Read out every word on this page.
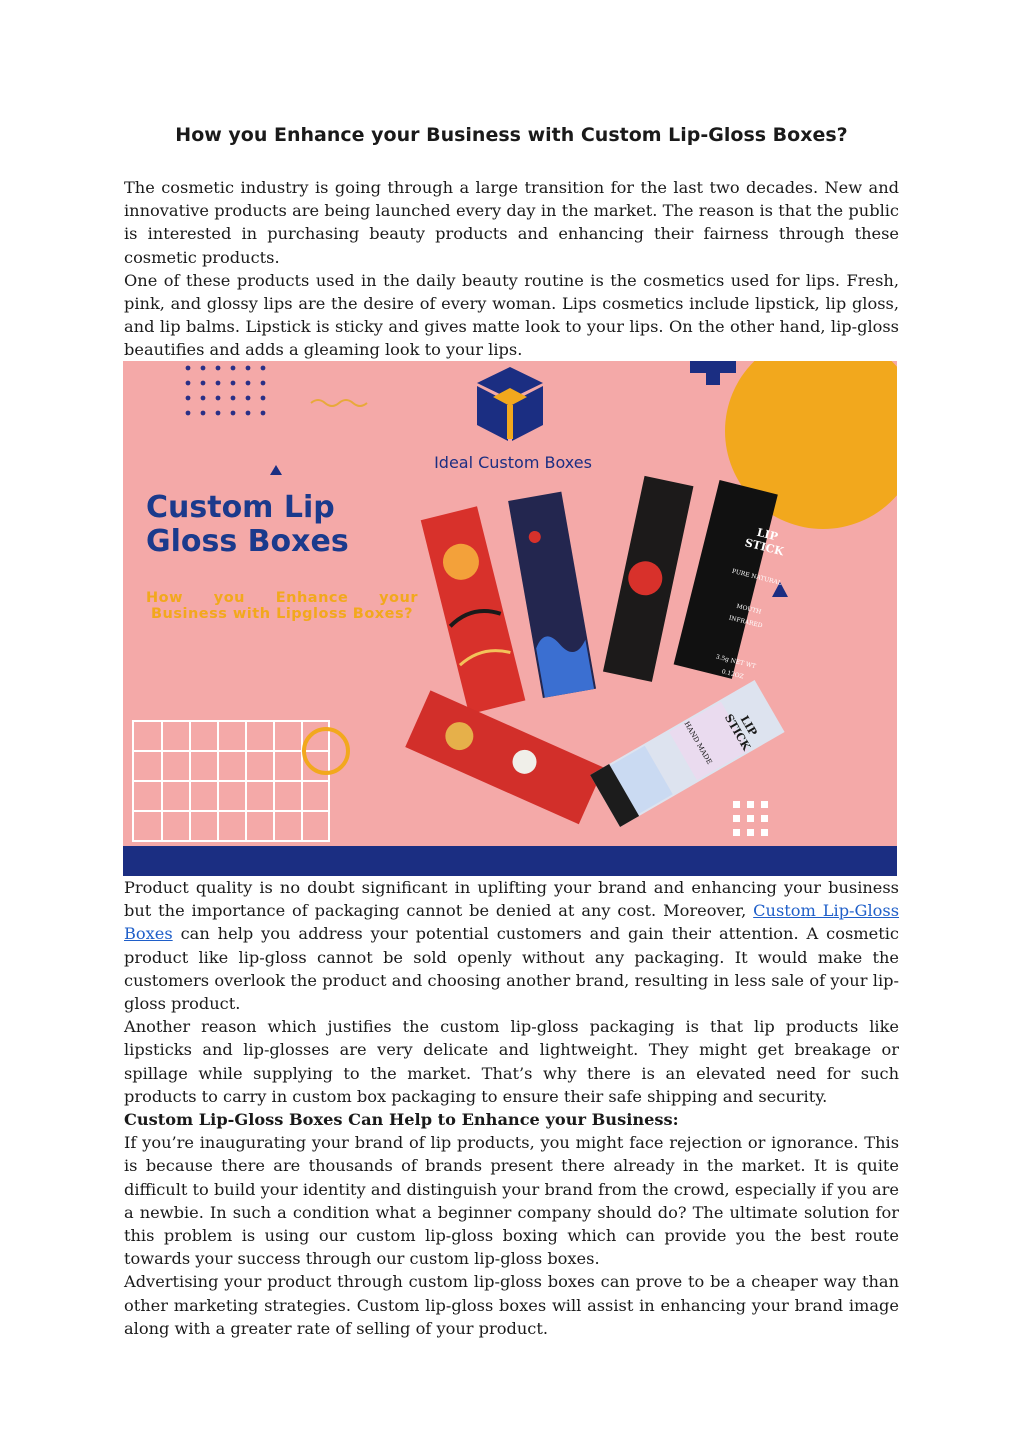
How you Enhance your Business with Custom Lip-Gloss Boxes?

The cosmetic industry is going through a large transition for the last two decades. New and innovative products are being launched every day in the market. The reason is that the public is interested in purchasing beauty products and enhancing their fairness through these cosmetic products.

One of these products used in the daily beauty routine is the cosmetics used for lips. Fresh, pink, and glossy lips are the desire of every woman. Lips cosmetics include lipstick, lip gloss, and lip balms. Lipstick is sticky and gives matte look to your lips. On the other hand, lip-gloss beautifies and adds a gleaming look to your lips.

Ideal Custom Boxes
Custom Lip
Gloss Boxes
How you Enhance your Business with Lipgloss Boxes?
LIP STICK
PURE NATURAL
MOUTH INFRARED
3.5g NET WT 0.12OZ
LIP STICK
HAND MADE

Product quality is no doubt significant in uplifting your brand and enhancing your business but the importance of packaging cannot be denied at any cost. Moreover, Custom Lip-Gloss Boxes can help you address your potential customers and gain their attention. A cosmetic product like lip-gloss cannot be sold openly without any packaging. It would make the customers overlook the product and choosing another brand, resulting in less sale of your lip-gloss product.

Another reason which justifies the custom lip-gloss packaging is that lip products like lipsticks and lip-glosses are very delicate and lightweight. They might get breakage or spillage while supplying to the market. That’s why there is an elevated need for such products to carry in custom box packaging to ensure their safe shipping and security.

Custom Lip-Gloss Boxes Can Help to Enhance your Business:

If you’re inaugurating your brand of lip products, you might face rejection or ignorance. This is because there are thousands of brands present there already in the market. It is quite difficult to build your identity and distinguish your brand from the crowd, especially if you are a newbie. In such a condition what a beginner company should do? The ultimate solution for this problem is using our custom lip-gloss boxing which can provide you the best route towards your success through our custom lip-gloss boxes.

Advertising your product through custom lip-gloss boxes can prove to be a cheaper way than other marketing strategies. Custom lip-gloss boxes will assist in enhancing your brand image along with a greater rate of selling of your product.
